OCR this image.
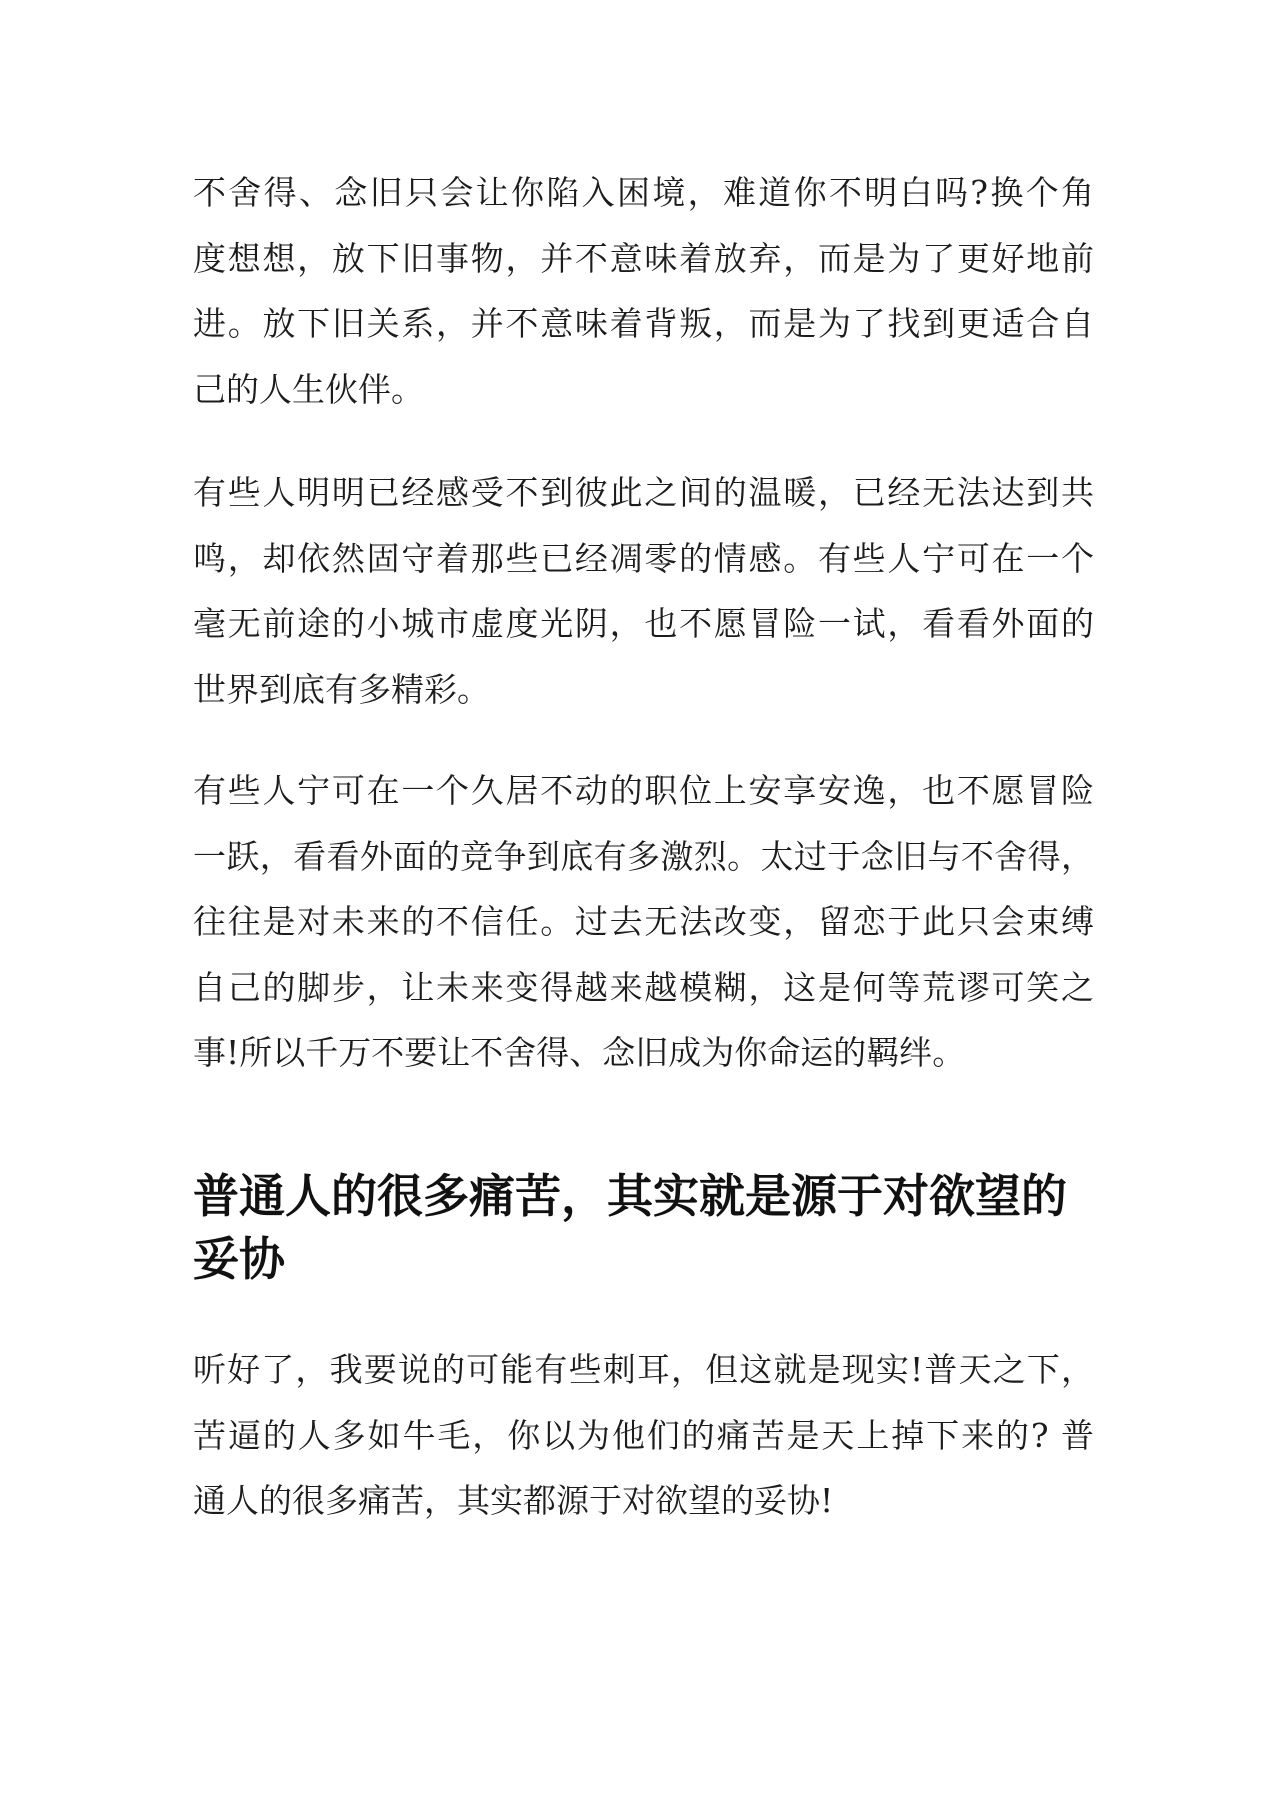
不舍得、念旧只会让你陷入困境，难道你不明白吗?换个角
度想想，放下旧事物，并不意味着放弃，而是为了更好地前
进。放下旧关系，并不意味着背叛，而是为了找到更适合自
己的人生伙伴。
有些人明明已经感受不到彼此之间的温暖，已经无法达到共
鸣，却依然固守着那些已经凋零的情感。有些人宁可在一个
毫无前途的小城市虚度光阴，也不愿冒险一试，看看外面的
世界到底有多精彩。
有些人宁可在一个久居不动的职位上安享安逸，也不愿冒险
一跃，看看外面的竞争到底有多激烈。太过于念旧与不舍得，
往往是对未来的不信任。过去无法改变，留恋于此只会束缚
自己的脚步，让未来变得越来越模糊，这是何等荒谬可笑之
事!所以千万不要让不舍得、念旧成为你命运的羁绊。
普通人的很多痛苦，其实就是源于对欲望的
妥协
听好了，我要说的可能有些刺耳，但这就是现实!普天之下，
苦逼的人多如牛毛，你以为他们的痛苦是天上掉下来的? 普
通人的很多痛苦，其实都源于对欲望的妥协!
